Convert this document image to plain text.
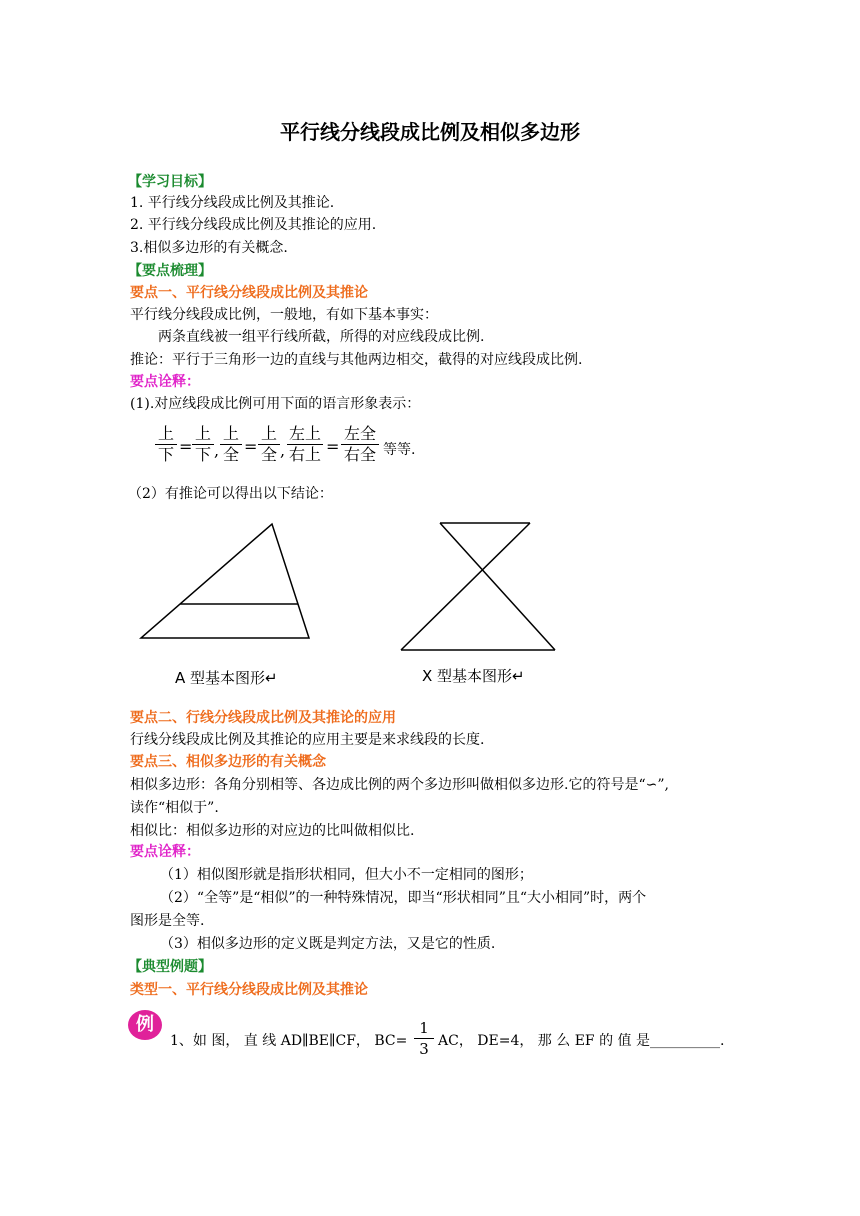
平行线分线段成比例及相似多边形
【学习目标】
1. 平行线分线段成比例及其推论.
2. 平行线分线段成比例及其推论的应用.
3.相似多边形的有关概念.
【要点梳理】
要点一、平行线分线段成比例及其推论
平行线分线段成比例，一般地，有如下基本事实：
两条直线被一组平行线所截，所得的对应线段成比例.
推论：平行于三角形一边的直线与其他两边相交，截得的对应线段成比例.
要点诠释：
(1).对应线段成比例可用下面的语言形象表示：
上
下 =
上
下 ,
上
全 =
上
全 ,
左上
右上 =
左全
右全 等等.
（2）有推论可以得出以下结论：
A 型基本图形↵	X 型基本图形↵
要点二、行线分线段成比例及其推论的应用
行线分线段成比例及其推论的应用主要是来求线段的长度.
要点三、相似多边形的有关概念
相似多边形：各角分别相等、各边成比例的两个多边形叫做相似多边形.它的符号是“∽”,
读作“相似于”.
相似比：相似多边形的对应边的比叫做相似比.
要点诠释：
（1）相似图形就是指形状相同，但大小不一定相同的图形；
（2）“全等”是“相似”的一种特殊情况，即当“形状相同”且“大小相同”时，两个
图形是全等.
（3）相似多边形的定义既是判定方法，又是它的性质.
【典型例题】
类型一、平行线分线段成比例及其推论
例
1、如 图， 直 线 AD∥BE∥CF， BC=
1
3 AC， DE=4， 那 么 EF 的 值 是__________.
